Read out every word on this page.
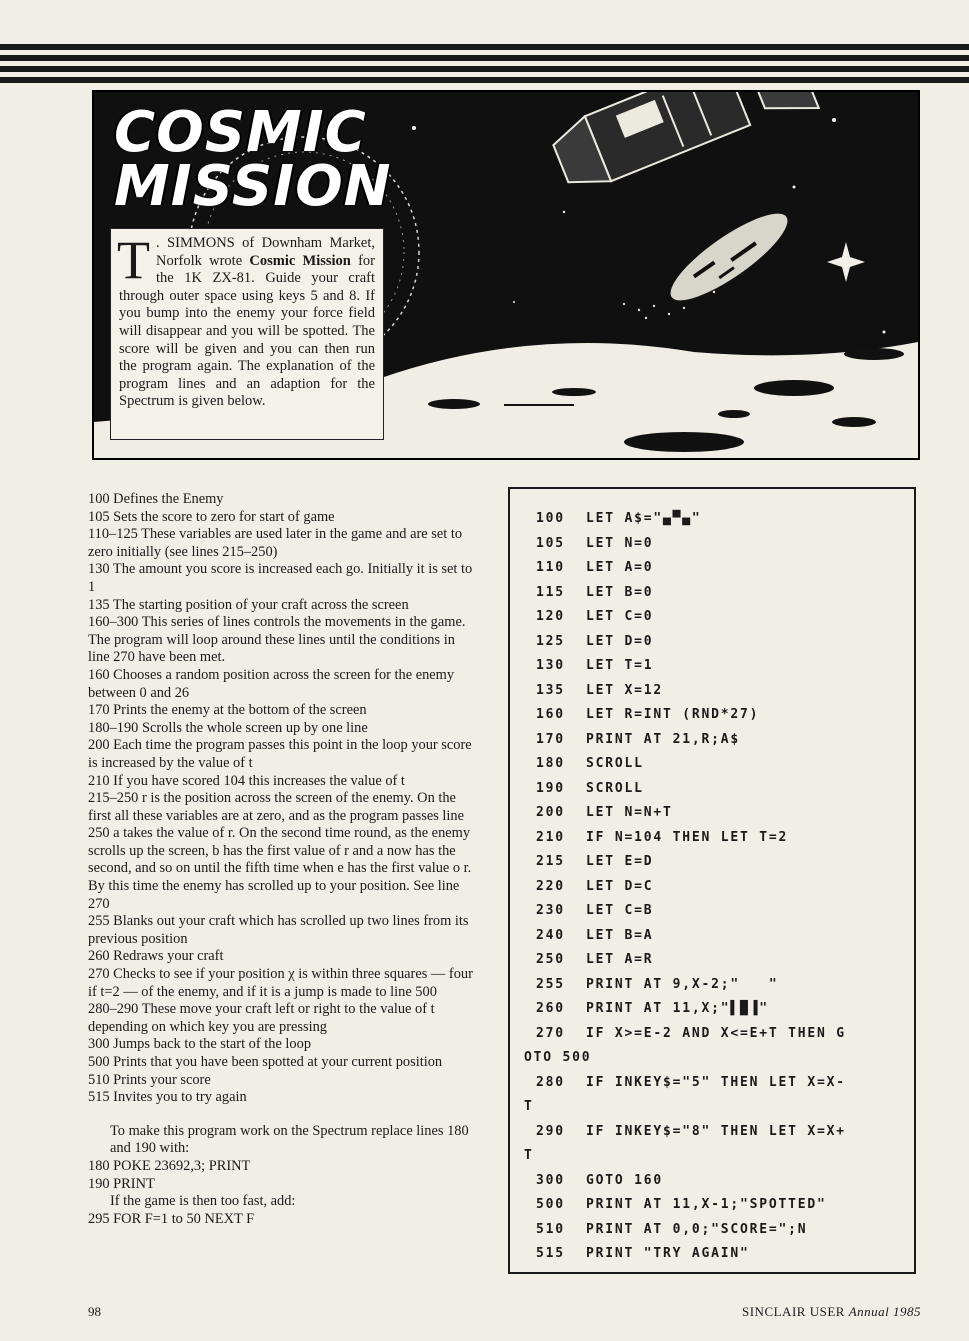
COSMIC
MISSION
T . SIMMONS of Downham Market, Norfolk wrote Cosmic Mission for the 1K ZX-81. Guide your craft through outer space using keys 5 and 8. If you bump into the enemy your force field will disappear and you will be spotted. The score will be given and you can then run the program again. The explanation of the program lines and an adaption for the Spectrum is given below.

100 Defines the Enemy

105 Sets the score to zero for start of game

110–125 These variables are used later in the game and are set to zero initially (see lines 215–250)

130 The amount you score is increased each go. Initially it is set to 1

135 The starting position of your craft across the screen

160–300 This series of lines controls the movements in the game. The program will loop around these lines until the conditions in line 270 have been met.

160 Chooses a random position across the screen for the enemy between 0 and 26

170 Prints the enemy at the bottom of the screen

180–190 Scrolls the whole screen up by one line

200 Each time the program passes this point in the loop your score is increased by the value of t

210 If you have scored 104 this increases the value of t

215–250 r is the position across the screen of the enemy. On the first all these variables are at zero, and as the program passes line 250 a takes the value of r. On the second time round, as the enemy scrolls up the screen, b has the first value of r and a now has the second, and so on until the fifth time when e has the first value o r. By this time the enemy has scrolled up to your position. See line 270

255 Blanks out your craft which has scrolled up two lines from its previous position

260 Redraws your craft

270 Checks to see if your position χ is within three squares — four if t=2 — of the enemy, and if it is a jump is made to line 500

280–290 These move your craft left or right to the value of t depending on which key you are pressing

300 Jumps back to the start of the loop

500 Prints that you have been spotted at your current position

510 Prints your score

515 Invites you to try again

To make this program work on the Spectrum replace lines 180 and 190 with:

180 POKE 23692,3; PRINT

190 PRINT

If the game is then too fast, add:

295 FOR F=1 to 50 NEXT F

100 LET A$="▄▀▄"
105 LET N=0
110 LET A=0
115 LET B=0
120 LET C=0
125 LET D=0
130 LET T=1
135 LET X=12
160 LET R=INT (RND*27)
170 PRINT AT 21,R;A$
180 SCROLL
190 SCROLL
200 LET N=N+T
210 IF N=104 THEN LET T=2
215 LET E=D
220 LET D=C
230 LET C=B
240 LET B=A
250 LET A=R
255 PRINT AT 9,X-2;"   "
260 PRINT AT 11,X;"▌█▐"
270 IF X>=E-2 AND X<=E+T THEN G
OTO 500
280 IF INKEY$="5" THEN LET X=X-
T
290 IF INKEY$="8" THEN LET X=X+
T
300 GOTO 160
500 PRINT AT 11,X-1;"SPOTTED"
510 PRINT AT 0,0;"SCORE=";N
515 PRINT "TRY AGAIN"
98	SINCLAIR USER Annual 1985
